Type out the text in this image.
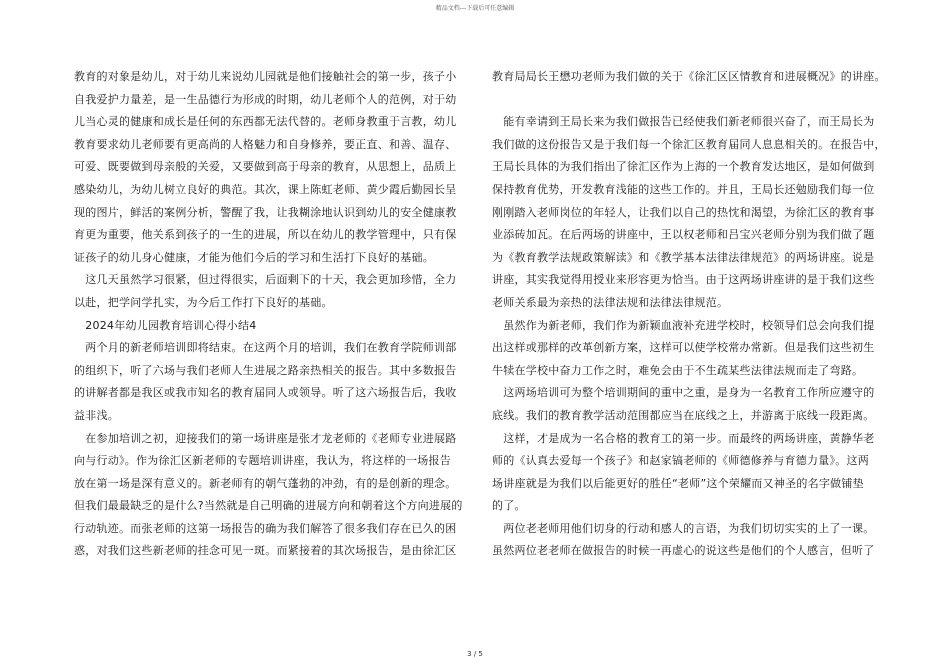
精品文档---下载后可任意编辑

教育的对象是幼儿，对于幼儿来说幼儿园就是他们接触社会的第一步，孩子小

自我爱护力量差，是一生品德行为形成的时期，幼儿老师个人的范例，对于幼

儿当心灵的健康和成长是任何的东西都无法代替的。老师身教重于言教，幼儿

教育要求幼儿老师要有更高尚的人格魅力和自身修养，要正直、和善、温存、

可爱、既要做到母亲般的关爱，又要做到高于母亲的教育，从思想上，品质上

感染幼儿，为幼儿树立良好的典范。其次，课上陈虹老师、黄少霞后勤园长呈

现的图片，鲜活的案例分析，警醒了我，让我糊涂地认识到幼儿的安全健康教

育更为重要，他关系到孩子的一生的进展，所以在幼儿的教学管理中，只有保

证孩子的幼儿身心健康，才能为他们今后的学习和生活打下良好的基础。

　这几天虽然学习很紧，但过得很实，后面剩下的十天，我会更加珍惜，全力

以赴，把学问学扎实，为今后工作打下良好的基础。

　2024年幼儿园教育培训心得小结4

　两个月的新老师培训即将结束。在这两个月的培训，我们在教育学院师训部

的组织下，听了六场与我们老师人生进展之路亲热相关的报告。其中多数报告

的讲解者都是我区或我市知名的教育届同人或领导。听了这六场报告后，我收

益非浅。

　在参加培训之初，迎接我们的第一场讲座是张才龙老师的《老师专业进展路

向与行动》。作为徐汇区新老师的专题培训讲座，我认为，将这样的一场报告

放在第一场是深有意义的。新老师有的朝气蓬勃的冲劲，有的是创新的理念。

但我们最最缺乏的是什么?当然就是自己明确的进展方向和朝着这个方向进展的

行动轨迹。而张老师的这第一场报告的确为我们解答了很多我们存在已久的困

惑，对我们这些新老师的挂念可见一斑。而紧接着的其次场报告，是由徐汇区

教育局局长王懋功老师为我们做的关于《徐汇区区情教育和进展概况》的讲座。

　能有幸请到王局长来为我们做报告已经使我们新老师很兴奋了，而王局长为

我们做的这份报告又是于我们每一个徐汇区教育届同人息息相关的。在报告中，

王局长具体的为我们指出了徐汇区作为上海的一个教育发达地区，是如何做到

保持教育优势，开发教育浅能的这些工作的。并且，王局长还勉励我们每一位

刚刚踏入老师岗位的年轻人，让我们以自己的热忱和渴望，为徐汇区的教育事

业添砖加瓦。在后两场的讲座中，王以权老师和吕宝兴老师分别为我们做了题

为《教育教学法规政策解读》和《教学基本法律法律规范》的两场讲座。说是

讲座，其实我觉得用授业来形容更为恰当。由于这两场讲座讲的是于我们这些

老师关系最为亲热的法律法规和法律法律规范。

　虽然作为新老师，我们作为新颖血液补充进学校时，校领导们总会向我们提

出这样或那样的改革创新方案，这样可以使学校常办常新。但是我们这些初生

牛犊在学校中奋力工作之时，难免会由于不生疏某些法律法规而走了弯路。

　这两场培训可为整个培训期间的重中之重，是身为一名教育工作所应遵守的

底线。我们的教育教学活动范围都应当在底线之上，并游离于底线一段距离。

　这样，才是成为一名合格的教育工的第一步。而最终的两场讲座，黄静华老

师的《认真去爱每一个孩子》和赵家镐老师的《师德修养与育德力量》。这两

场讲座就是为我们以后能更好的胜任“老师”这个荣耀而又神圣的名字做铺垫

的了。

　两位老老师用他们切身的行动和感人的言语，为我们切切实实的上了一课。

虽然两位老老师在做报告的时候一再虚心的说这些是他们的个人感言，但听了

3 / 5
